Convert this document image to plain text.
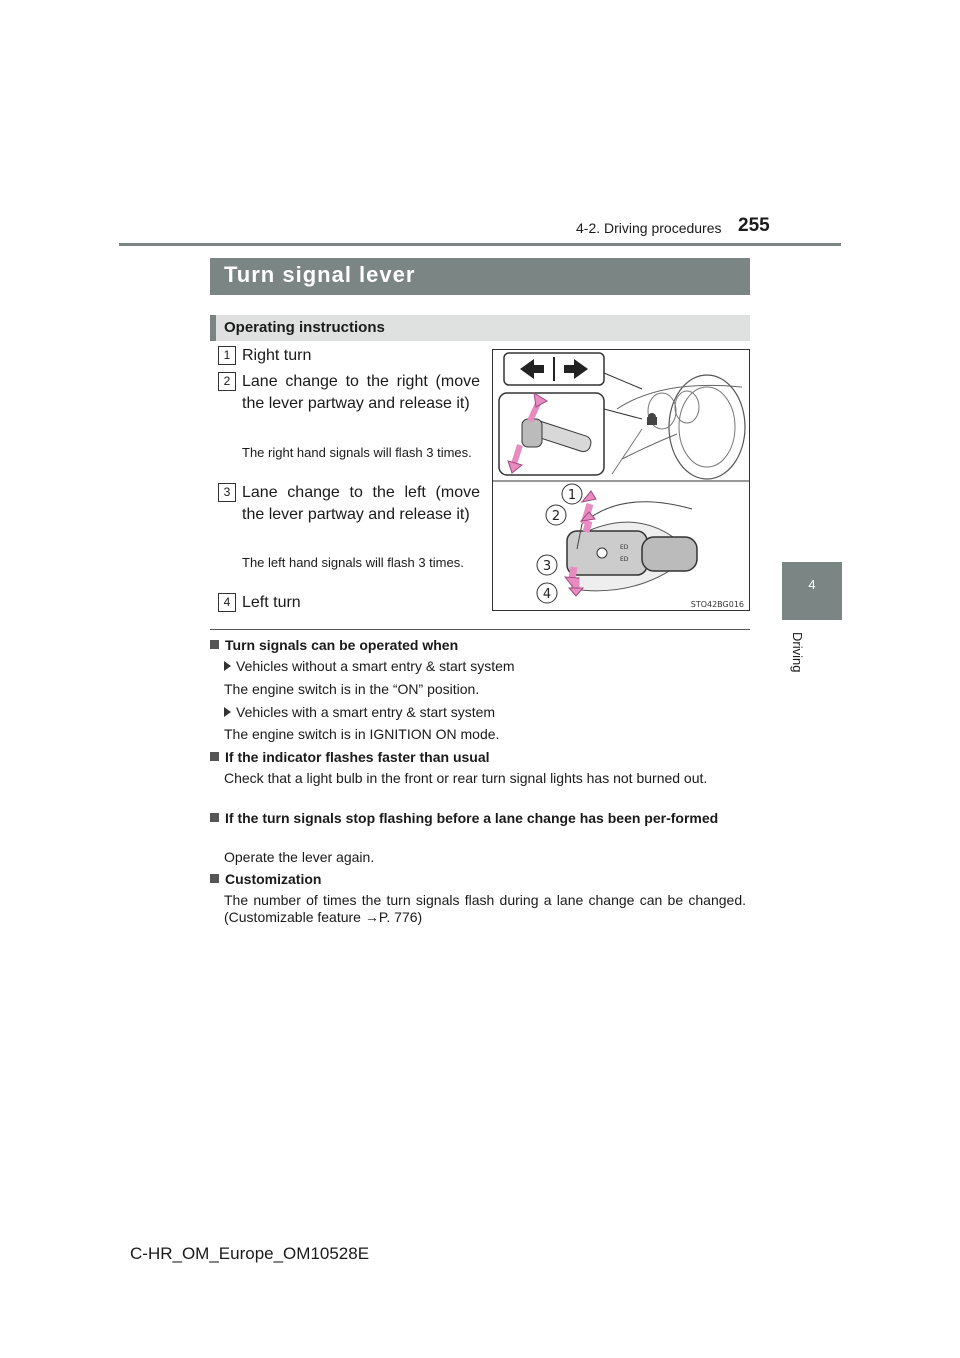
4-2. Driving procedures 255
4
Driving
Turn signal lever
Operating instructions
1 Right turn
2 Lane change to the right (move the lever partway and release it)
The right hand signals will flash 3 times.
3 Lane change to the left (move the lever partway and release it)
The left hand signals will flash 3 times.
4 Left turn
ED
ED
1
2
3
4
STO42BG016
Turn signals can be operated when
Vehicles without a smart entry & start system
The engine switch is in the “ON” position.
Vehicles with a smart entry & start system
The engine switch is in IGNITION ON mode.
If the indicator flashes faster than usual
Check that a light bulb in the front or rear turn signal lights has not burned out.
If the turn signals stop flashing before a lane change has been per-formed
Operate the lever again.
Customization
The number of times the turn signals flash during a lane change can be changed. (Customizable feature →P. 776)
C-HR_OM_Europe_OM10528E
